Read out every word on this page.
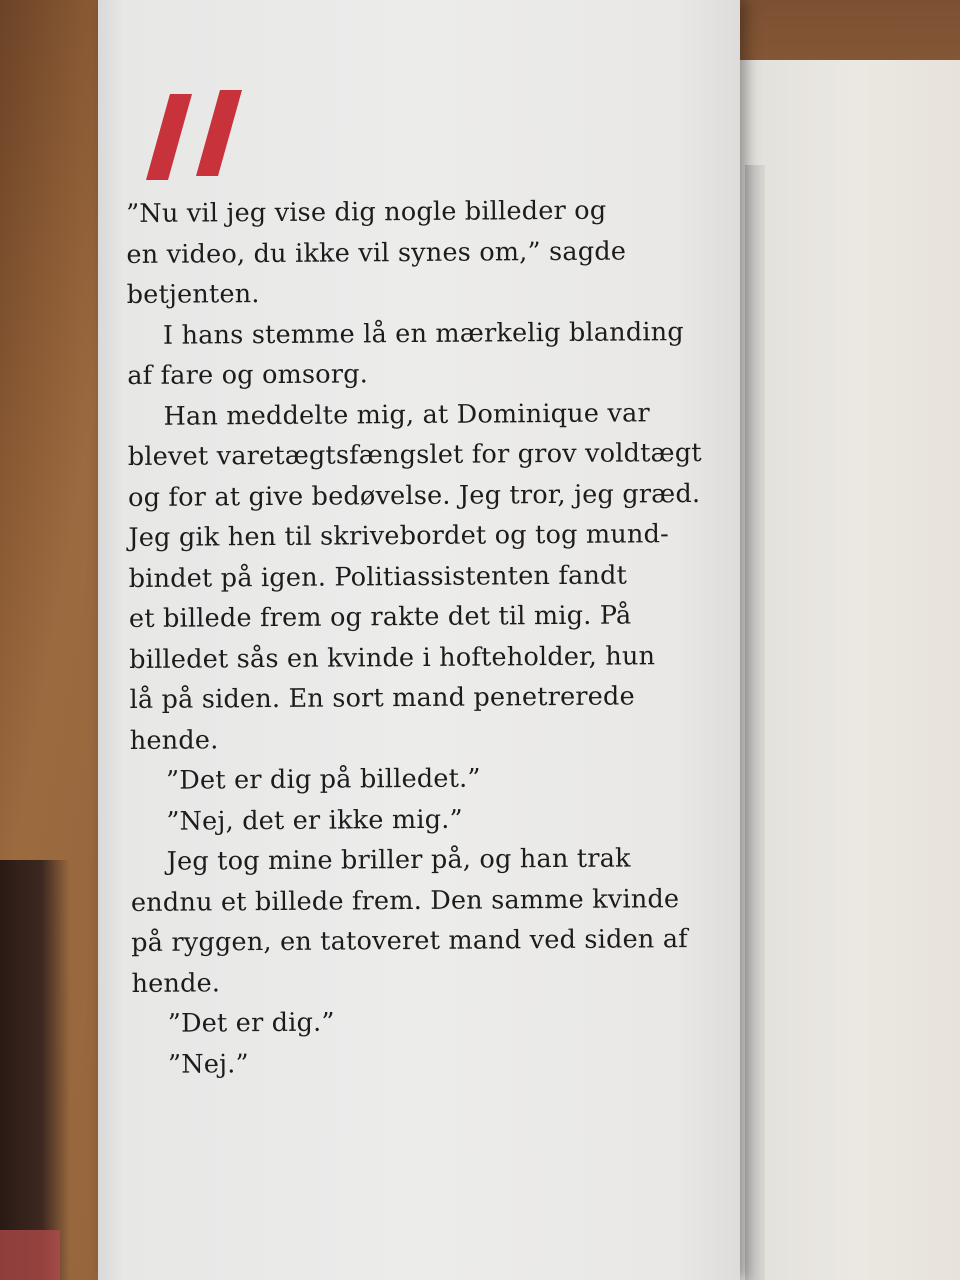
”Nu vil jeg vise dig nogle billeder og
en video, du ikke vil synes om,” sagde
betjenten.
I hans stemme lå en mærkelig blanding
af fare og omsorg.
Han meddelte mig, at Dominique var
blevet varetægtsfængslet for grov voldtægt
og for at give bedøvelse. Jeg tror, jeg græd.
Jeg gik hen til skrivebordet og tog mund-
bindet på igen. Politiassistenten fandt
et billede frem og rakte det til mig. På
billedet sås en kvinde i hofteholder, hun
lå på siden. En sort mand penetrerede
hende.
”Det er dig på billedet.”
”Nej, det er ikke mig.”
Jeg tog mine briller på, og han trak
endnu et billede frem. Den samme kvinde
på ryggen, en tatoveret mand ved siden af
hende.
”Det er dig.”
”Nej.”
